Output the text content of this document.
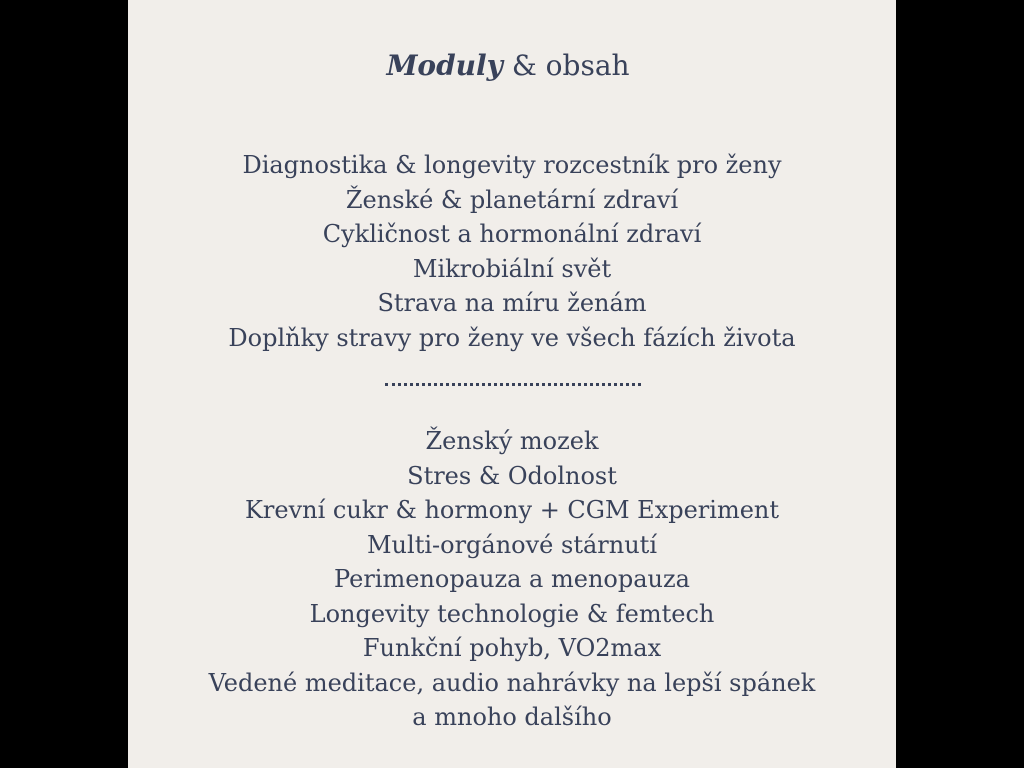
Moduly & obsah
Diagnostika & longevity rozcestník pro ženy
Ženské & planetární zdraví
Cykličnost a hormonální zdraví
Mikrobiální svět
Strava na míru ženám
Doplňky stravy pro ženy ve všech fázích života
Ženský mozek
Stres & Odolnost
Krevní cukr & hormony + CGM Experiment
Multi-orgánové stárnutí
Perimenopauza a menopauza
Longevity technologie & femtech
Funkční pohyb, VO2max
Vedené meditace, audio nahrávky na lepší spánek
a mnoho dalšího
